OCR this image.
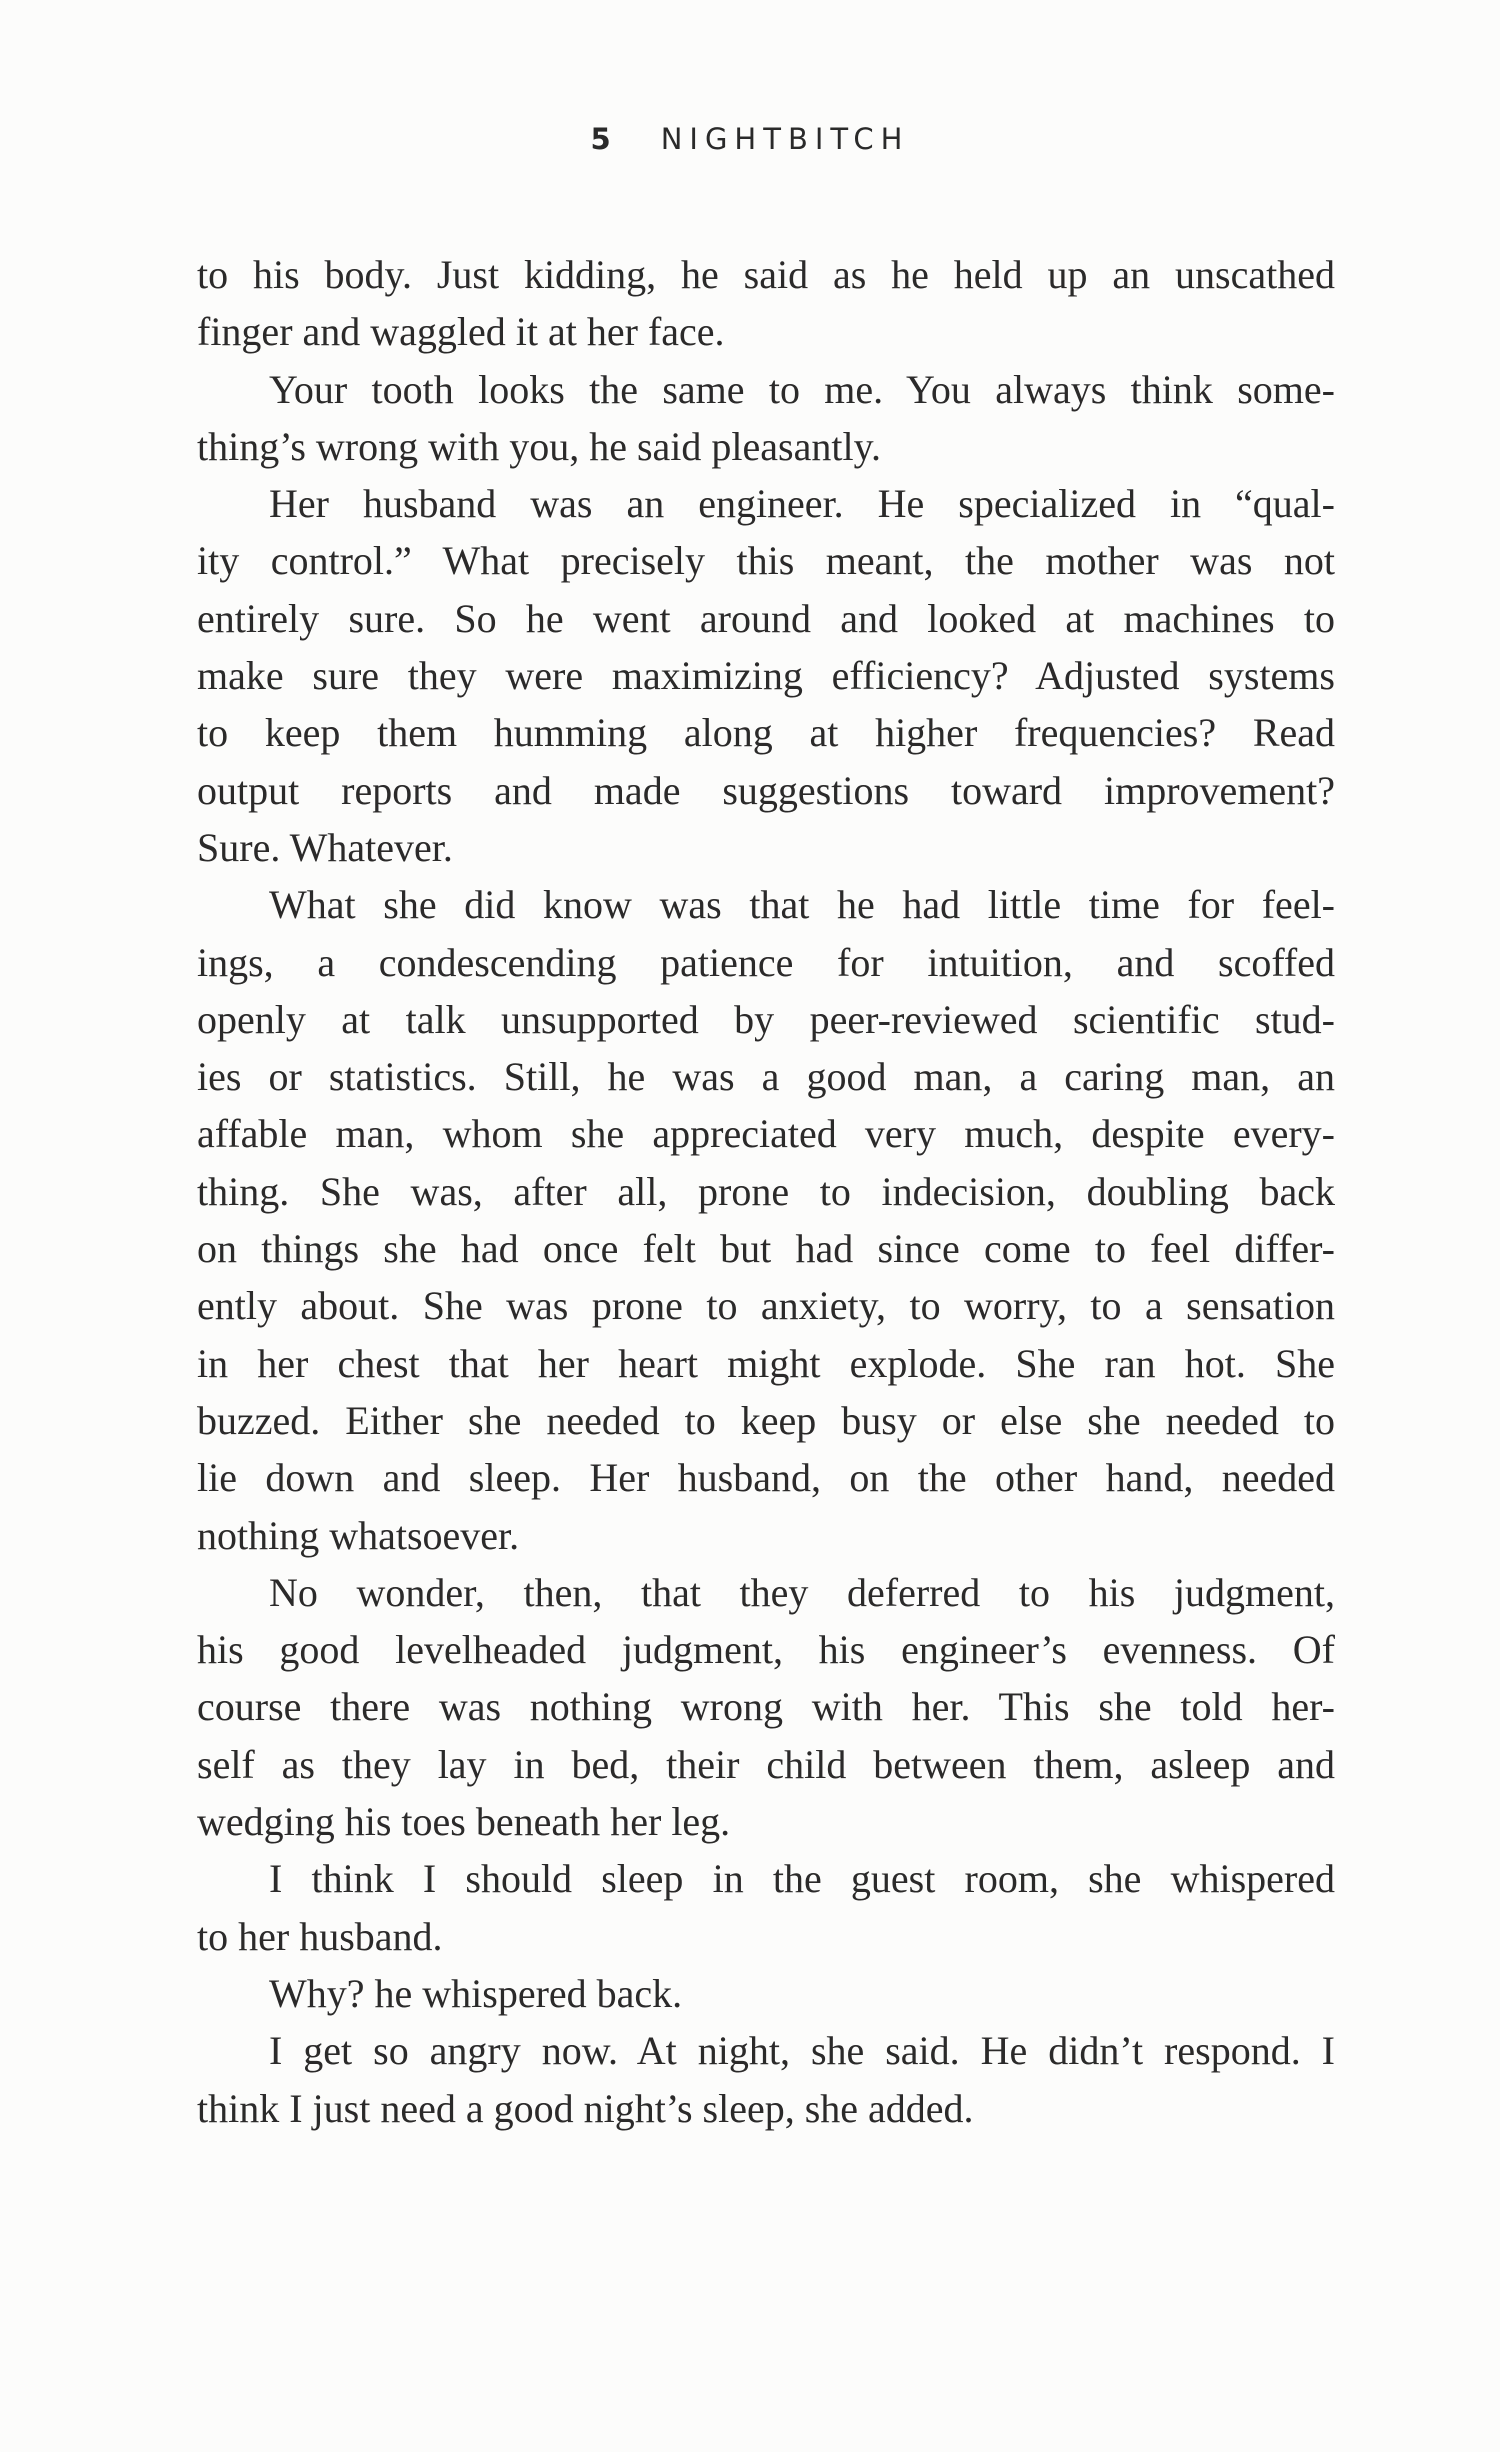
5 NIGHTBITCH
to his body. Just kidding, he said as he held up an unscathed
finger and waggled it at her face.
Your tooth looks the same to me. You always think some-
thing’s wrong with you, he said pleasantly.
Her husband was an engineer. He specialized in “qual-
ity control.” What precisely this meant, the mother was not
entirely sure. So he went around and looked at machines to
make sure they were maximizing efficiency? Adjusted systems
to keep them humming along at higher frequencies? Read
output reports and made suggestions toward improvement?
Sure. Whatever.
What she did know was that he had little time for feel-
ings, a condescending patience for intuition, and scoffed
openly at talk unsupported by peer-reviewed scientific stud-
ies or statistics. Still, he was a good man, a caring man, an
affable man, whom she appreciated very much, despite every-
thing. She was, after all, prone to indecision, doubling back
on things she had once felt but had since come to feel differ-
ently about. She was prone to anxiety, to worry, to a sensation
in her chest that her heart might explode. She ran hot. She
buzzed. Either she needed to keep busy or else she needed to
lie down and sleep. Her husband, on the other hand, needed
nothing whatsoever.
No wonder, then, that they deferred to his judgment,
his good levelheaded judgment, his engineer’s evenness. Of
course there was nothing wrong with her. This she told her-
self as they lay in bed, their child between them, asleep and
wedging his toes beneath her leg.
I think I should sleep in the guest room, she whispered
to her husband.
Why? he whispered back.
I get so angry now. At night, she said. He didn’t respond. I
think I just need a good night’s sleep, she added.
